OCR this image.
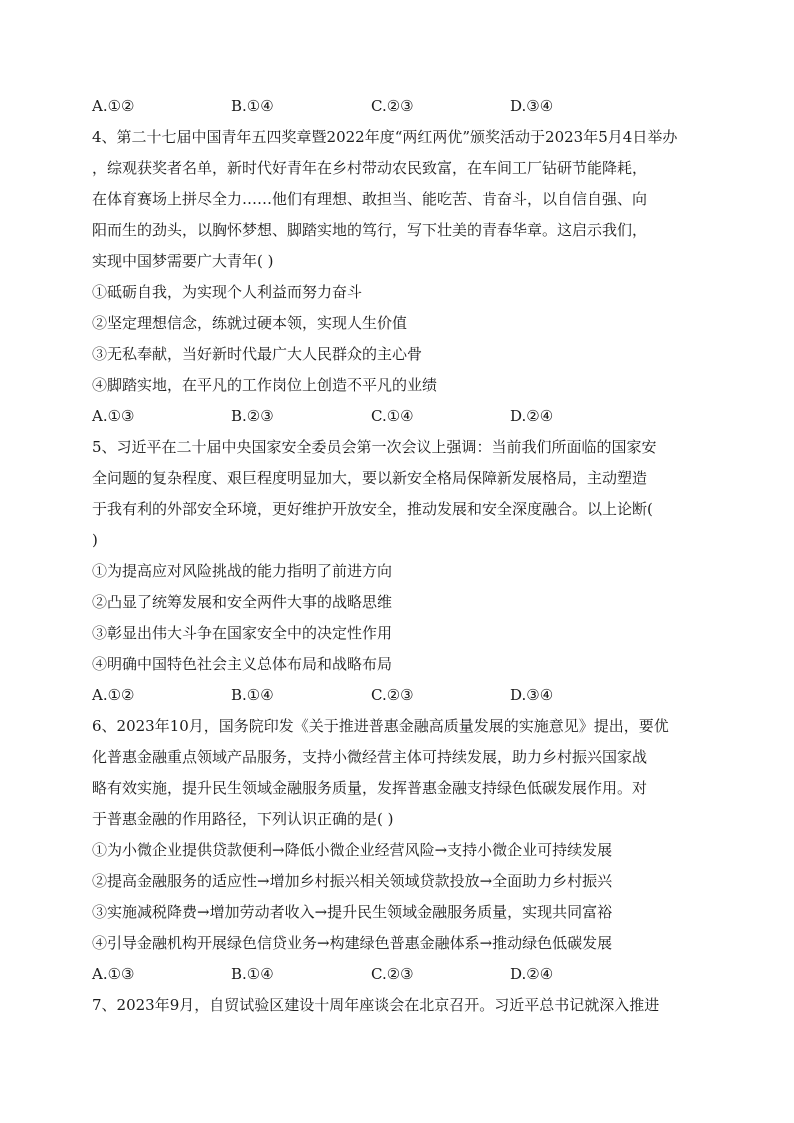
A.①②	B.①④	C.②③	D.③④
4、第二十七届中国青年五四奖章暨2022年度“两红两优”颁奖活动于2023年5月4日举办
，综观获奖者名单，新时代好青年在乡村带动农民致富，在车间工厂钻研节能降耗，
在体育赛场上拼尽全力……他们有理想、敢担当、能吃苦、肯奋斗，以自信自强、向
阳而生的劲头，以胸怀梦想、脚踏实地的笃行，写下壮美的青春华章。这启示我们，
实现中国梦需要广大青年( )
①砥砺自我，为实现个人利益而努力奋斗
②坚定理想信念，练就过硬本领，实现人生价值
③无私奉献，当好新时代最广大人民群众的主心骨
④脚踏实地，在平凡的工作岗位上创造不平凡的业绩
A.①③	B.②③	C.①④	D.②④
5、习近平在二十届中央国家安全委员会第一次会议上强调：当前我们所面临的国家安
全问题的复杂程度、艰巨程度明显加大，要以新安全格局保障新发展格局，主动塑造
于我有利的外部安全环境，更好维护开放安全，推动发展和安全深度融合。以上论断(
)
①为提高应对风险挑战的能力指明了前进方向
②凸显了统筹发展和安全两件大事的战略思维
③彰显出伟大斗争在国家安全中的决定性作用
④明确中国特色社会主义总体布局和战略布局
A.①②	B.①④	C.②③	D.③④
6、2023年10月，国务院印发《关于推进普惠金融高质量发展的实施意见》提出，要优
化普惠金融重点领域产品服务，支持小微经营主体可持续发展，助力乡村振兴国家战
略有效实施，提升民生领域金融服务质量，发挥普惠金融支持绿色低碳发展作用。对
于普惠金融的作用路径，下列认识正确的是( )
①为小微企业提供贷款便利→降低小微企业经营风险→支持小微企业可持续发展
②提高金融服务的适应性→增加乡村振兴相关领域贷款投放→全面助力乡村振兴
③实施减税降费→增加劳动者收入→提升民生领域金融服务质量，实现共同富裕
④引导金融机构开展绿色信贷业务→构建绿色普惠金融体系→推动绿色低碳发展
A.①③	B.①④	C.②③	D.②④
7、2023年9月，自贸试验区建设十周年座谈会在北京召开。习近平总书记就深入推进
